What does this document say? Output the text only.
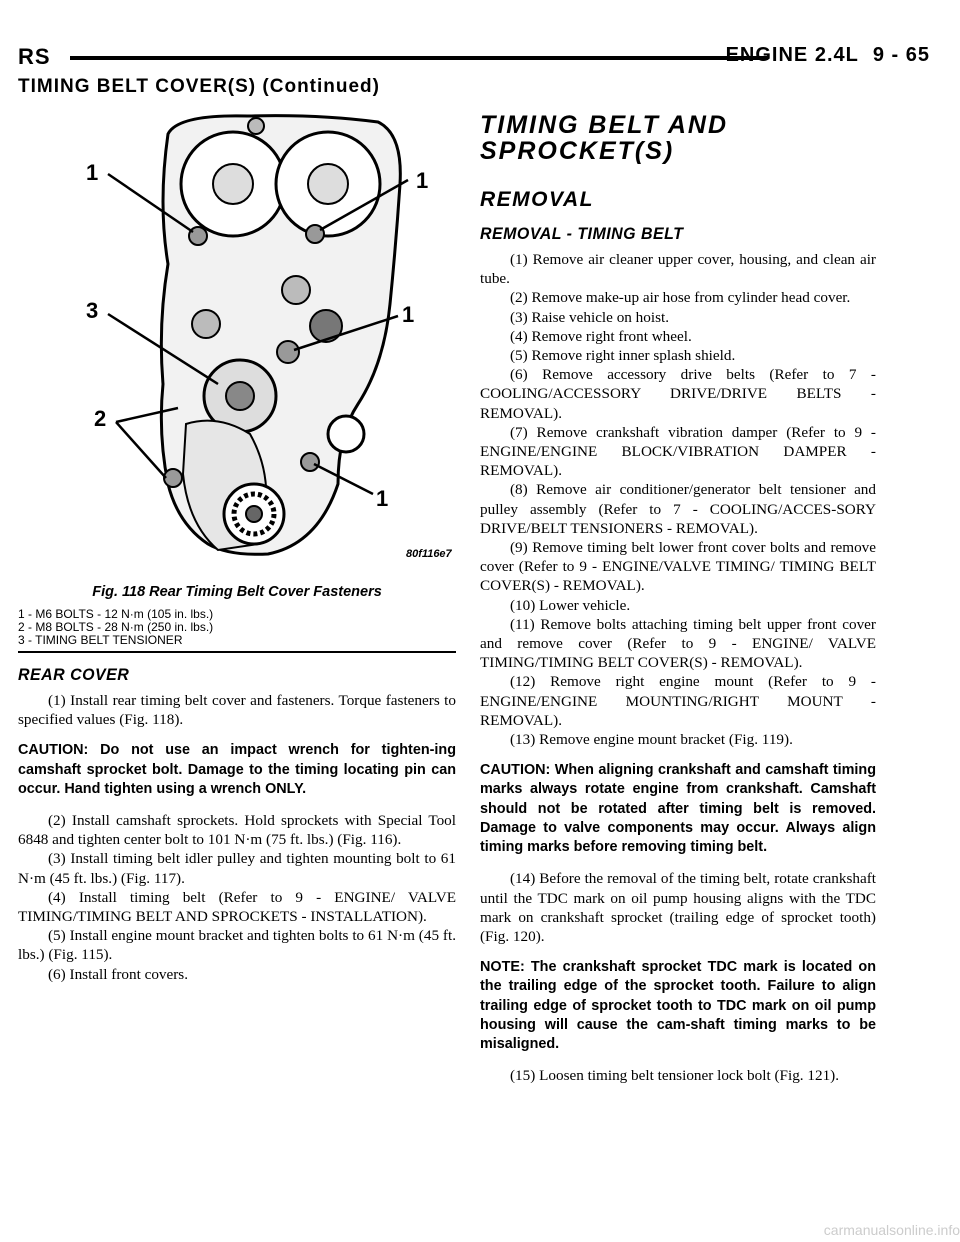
RS	ENGINE 2.4L 9 - 65
TIMING BELT COVER(S) (Continued)
1	1
3	1
2
1
80f116e7
Fig. 118 Rear Timing Belt Cover Fasteners
1 - M6 BOLTS - 12 N·m (105 in. lbs.)
2 - M8 BOLTS - 28 N·m (250 in. lbs.)
3 - TIMING BELT TENSIONER
REAR COVER

(1) Install rear timing belt cover and fasteners. Torque fasteners to specified values (Fig. 118).

CAUTION: Do not use an impact wrench for tighten-ing camshaft sprocket bolt. Damage to the timing locating pin can occur. Hand tighten using a wrench ONLY.

(2) Install camshaft sprockets. Hold sprockets with Special Tool 6848 and tighten center bolt to 101 N·m (75 ft. lbs.) (Fig. 116).

(3) Install timing belt idler pulley and tighten mounting bolt to 61 N·m (45 ft. lbs.) (Fig. 117).

(4) Install timing belt (Refer to 9 - ENGINE/ VALVE TIMING/TIMING BELT AND SPROCKETS - INSTALLATION).

(5) Install engine mount bracket and tighten bolts to 61 N·m (45 ft. lbs.) (Fig. 115).

(6) Install front covers.

TIMING BELT AND
SPROCKET(S)
REMOVAL
REMOVAL - TIMING BELT

(1) Remove air cleaner upper cover, housing, and clean air tube.

(2) Remove make-up air hose from cylinder head cover.

(3) Raise vehicle on hoist.

(4) Remove right front wheel.

(5) Remove right inner splash shield.

(6) Remove accessory drive belts (Refer to 7 - COOLING/ACCESSORY DRIVE/DRIVE BELTS - REMOVAL).

(7) Remove crankshaft vibration damper (Refer to 9 - ENGINE/ENGINE BLOCK/VIBRATION DAMPER - REMOVAL).

(8) Remove air conditioner/generator belt tensioner and pulley assembly (Refer to 7 - COOLING/ACCES-SORY DRIVE/BELT TENSIONERS - REMOVAL).

(9) Remove timing belt lower front cover bolts and remove cover (Refer to 9 - ENGINE/VALVE TIMING/ TIMING BELT COVER(S) - REMOVAL).

(10) Lower vehicle.

(11) Remove bolts attaching timing belt upper front cover and remove cover (Refer to 9 - ENGINE/ VALVE TIMING/TIMING BELT COVER(S) - REMOVAL).

(12) Remove right engine mount (Refer to 9 - ENGINE/ENGINE MOUNTING/RIGHT MOUNT - REMOVAL).

(13) Remove engine mount bracket (Fig. 119).

CAUTION: When aligning crankshaft and camshaft timing marks always rotate engine from crankshaft. Camshaft should not be rotated after timing belt is removed. Damage to valve components may occur. Always align timing marks before removing timing belt.

(14) Before the removal of the timing belt, rotate crankshaft until the TDC mark on oil pump housing aligns with the TDC mark on crankshaft sprocket (trailing edge of sprocket tooth) (Fig. 120).

NOTE: The crankshaft sprocket TDC mark is located on the trailing edge of the sprocket tooth. Failure to align trailing edge of sprocket tooth to TDC mark on oil pump housing will cause the cam-shaft timing marks to be misaligned.

(15) Loosen timing belt tensioner lock bolt (Fig. 121).

carmanualsonline.info
